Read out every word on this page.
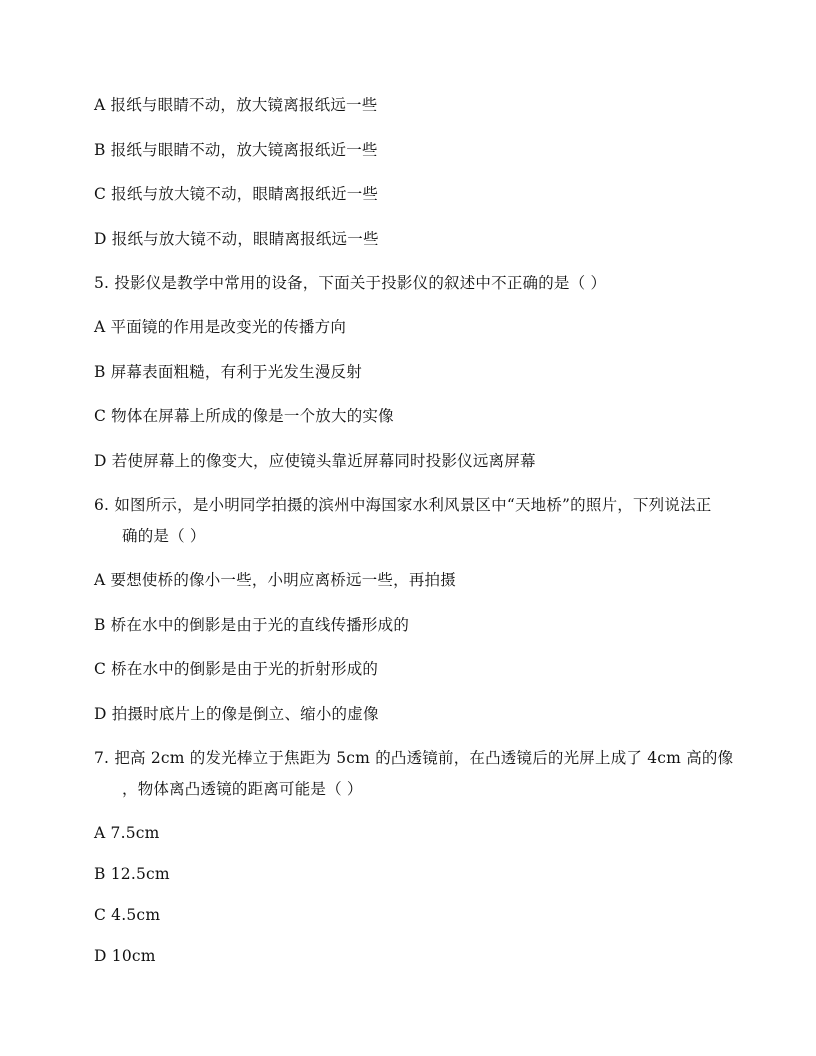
A 报纸与眼睛不动，放大镜离报纸远一些
B 报纸与眼睛不动，放大镜离报纸近一些
C 报纸与放大镜不动，眼睛离报纸近一些
D 报纸与放大镜不动，眼睛离报纸远一些
5. 投影仪是教学中常用的设备，下面关于投影仪的叙述中不正确的是（ ）
A 平面镜的作用是改变光的传播方向
B 屏幕表面粗糙，有利于光发生漫反射
C 物体在屏幕上所成的像是一个放大的实像
D 若使屏幕上的像变大，应使镜头靠近屏幕同时投影仪远离屏幕
6. 如图所示，是小明同学拍摄的滨州中海国家水利风景区中“天地桥”的照片，下列说法正
确的是（ ）
A 要想使桥的像小一些，小明应离桥远一些，再拍摄
B 桥在水中的倒影是由于光的直线传播形成的
C 桥在水中的倒影是由于光的折射形成的
D 拍摄时底片上的像是倒立、缩小的虚像
7. 把高 2cm 的发光棒立于焦距为 5cm 的凸透镜前，在凸透镜后的光屏上成了 4cm 高的像
，物体离凸透镜的距离可能是（ ）
A 7.5cm
B 12.5cm
C 4.5cm
D 10cm
